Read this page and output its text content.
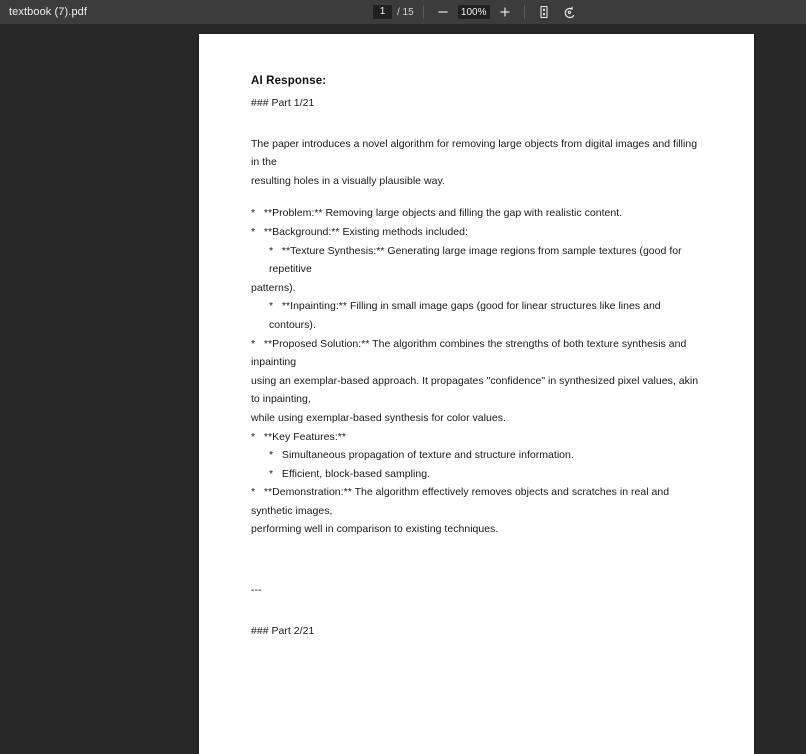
textbook (7).pdf
1	/ 15	100%
AI Response:
### Part 1/21
The paper introduces a novel algorithm for removing large objects from digital images and filling in the
resulting holes in a visually plausible way.
*   **Problem:** Removing large objects and filling the gap with realistic content.
*   **Background:** Existing methods included:
*   **Texture Synthesis:** Generating large image regions from sample textures (good for repetitive
patterns).
*   **Inpainting:** Filling in small image gaps (good for linear structures like lines and contours).
*   **Proposed Solution:** The algorithm combines the strengths of both texture synthesis and inpainting
using an exemplar-based approach. It propagates "confidence" in synthesized pixel values, akin to inpainting,
while using exemplar-based synthesis for color values.
*   **Key Features:**
*   Simultaneous propagation of texture and structure information.
*   Efficient, block-based sampling.
*   **Demonstration:** The algorithm effectively removes objects and scratches in real and synthetic images,
performing well in comparison to existing techniques.
---
### Part 2/21
